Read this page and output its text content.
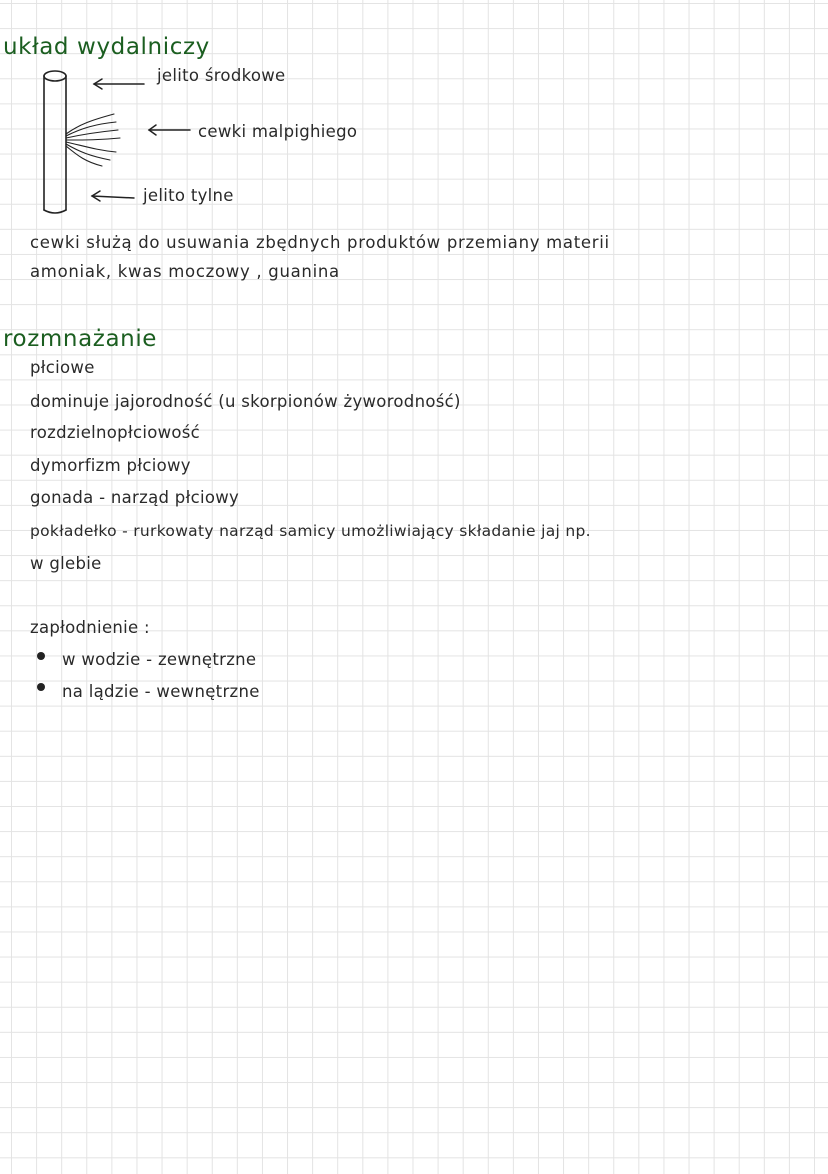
układ wydalniczy
jelito środkowe
cewki malpighiego
jelito tylne
cewki służą do usuwania zbędnych produktów przemiany materii
amoniak, kwas moczowy , guanina
rozmnażanie
płciowe
dominuje jajorodność (u skorpionów żyworodność)
rozdzielnopłciowość
dymorfizm płciowy
gonada - narząd płciowy
pokładełko - rurkowaty narząd samicy umożliwiający składanie jaj np.
w glebie
zapłodnienie :
w wodzie - zewnętrzne
na lądzie - wewnętrzne
